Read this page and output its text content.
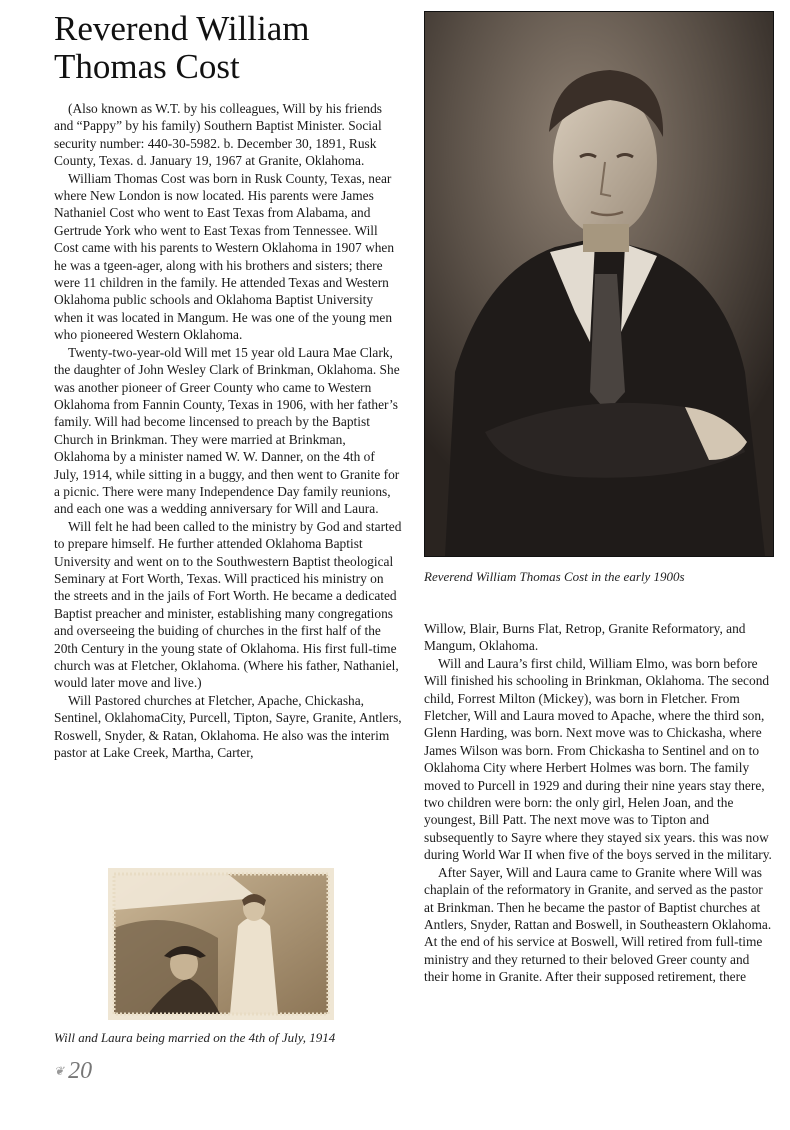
Reverend William
Thomas Cost

(Also known as W.T. by his colleagues, Will by his friends and “Pappy” by his family) Southern Baptist Minister. Social security number: 440-30-5982. b. December 30, 1891, Rusk County, Texas. d. January 19, 1967 at Granite, Oklahoma.

William Thomas Cost was born in Rusk County, Texas, near where New London is now located. His parents were James Nathaniel Cost who went to East Texas from Alabama, and Gertrude York who went to East Texas from Tennessee. Will Cost came with his parents to Western Oklahoma in 1907 when he was a tgeen-ager, along with his brothers and sisters; there were 11 children in the family. He attended Texas and Western Oklahoma public schools and Oklahoma Baptist University when it was located in Mangum. He was one of the young men who pioneered Western Oklahoma.

Twenty-two-year-old Will met 15 year old Laura Mae Clark, the daughter of John Wesley Clark of Brinkman, Oklahoma. She was another pioneer of Greer County who came to Western Oklahoma from Fannin County, Texas in 1906, with her father’s family. Will had become lincensed to preach by the Baptist Church in Brinkman. They were married at Brinkman, Oklahoma by a minister named W. W. Danner, on the 4th of July, 1914, while sitting in a buggy, and then went to Granite for a picnic. There were many Independence Day family reunions, and each one was a wedding anniversary for Will and Laura.

Will felt he had been called to the ministry by God and started to prepare himself. He further attended Oklahoma Baptist University and went on to the Southwestern Baptist theological Seminary at Fort Worth, Texas. Will practiced his ministry on the streets and in the jails of Fort Worth. He became a dedicated Baptist preacher and minister, establishing many congregations and overseeing the buiding of churches in the first half of the 20th Century in the young state of Oklahoma. His first full-time church was at Fletcher, Oklahoma. (Where his father, Nathaniel, would later move and live.)

Will Pastored churches at Fletcher, Apache, Chickasha, Sentinel, OklahomaCity, Purcell, Tipton, Sayre, Granite, Antlers, Roswell, Snyder, & Ratan, Oklahoma. He also was the interim pastor at Lake Creek, Martha, Carter,

Reverend William Thomas Cost in the early 1900s

Willow, Blair, Burns Flat, Retrop, Granite Reformatory, and Mangum, Oklahoma.

Will and Laura’s first child, William Elmo, was born before Will finished his schooling in Brinkman, Oklahoma. The second child, Forrest Milton (Mickey), was born in Fletcher. From Fletcher, Will and Laura moved to Apache, where the third son, Glenn Harding, was born. Next move was to Chickasha, where James Wilson was born. From Chickasha to Sentinel and on to Oklahoma City where Herbert Holmes was born. The family moved to Purcell in 1929 and during their nine years stay there, two children were born: the only girl, Helen Joan, and the youngest, Bill Patt. The next move was to Tipton and subsequently to Sayre where they stayed six years. this was now during World War II when five of the boys served in the military.

After Sayer, Will and Laura came to Granite where Will was chaplain of the reformatory in Granite, and served as the pastor at Brinkman. Then he became the pastor of Baptist churches at Antlers, Snyder, Rattan and Boswell, in Southeastern Oklahoma. At the end of his service at Boswell, Will retired from full-time ministry and they returned to their beloved Greer county and their home in Granite. After their supposed retirement, there

Will and Laura being married on the 4th of July, 1914
❦ 20
